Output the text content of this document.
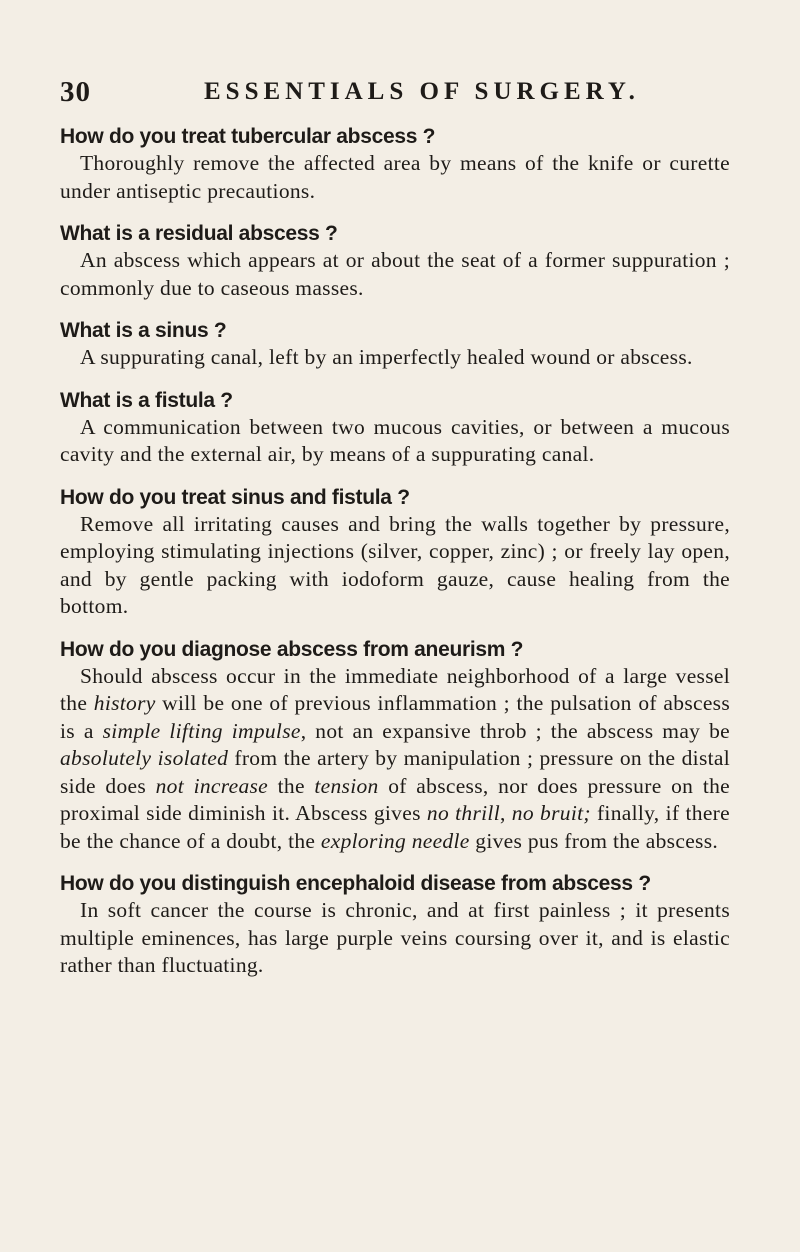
30	ESSENTIALS OF SURGERY.
How do you treat tubercular abscess ?
Thoroughly remove the affected area by means of the knife or curette under antiseptic precautions.
What is a residual abscess ?
An abscess which appears at or about the seat of a former suppuration ; commonly due to caseous masses.
What is a sinus ?
A suppurating canal, left by an imperfectly healed wound or abscess.
What is a fistula ?
A communication between two mucous cavities, or between a mucous cavity and the external air, by means of a suppurating canal.
How do you treat sinus and fistula ?
Remove all irritating causes and bring the walls together by pressure, employing stimulating injections (silver, copper, zinc) ; or freely lay open, and by gentle packing with iodoform gauze, cause healing from the bottom.
How do you diagnose abscess from aneurism ?
Should abscess occur in the immediate neighborhood of a large vessel the history will be one of previous inflammation ; the pulsation of abscess is a simple lifting impulse, not an expansive throb ; the abscess may be absolutely isolated from the artery by manipulation ; pressure on the distal side does not increase the tension of abscess, nor does pressure on the proximal side diminish it. Abscess gives no thrill, no bruit; finally, if there be the chance of a doubt, the exploring needle gives pus from the abscess.
How do you distinguish encephaloid disease from abscess ?
In soft cancer the course is chronic, and at first painless ; it presents multiple eminences, has large purple veins coursing over it, and is elastic rather than fluctuating.
